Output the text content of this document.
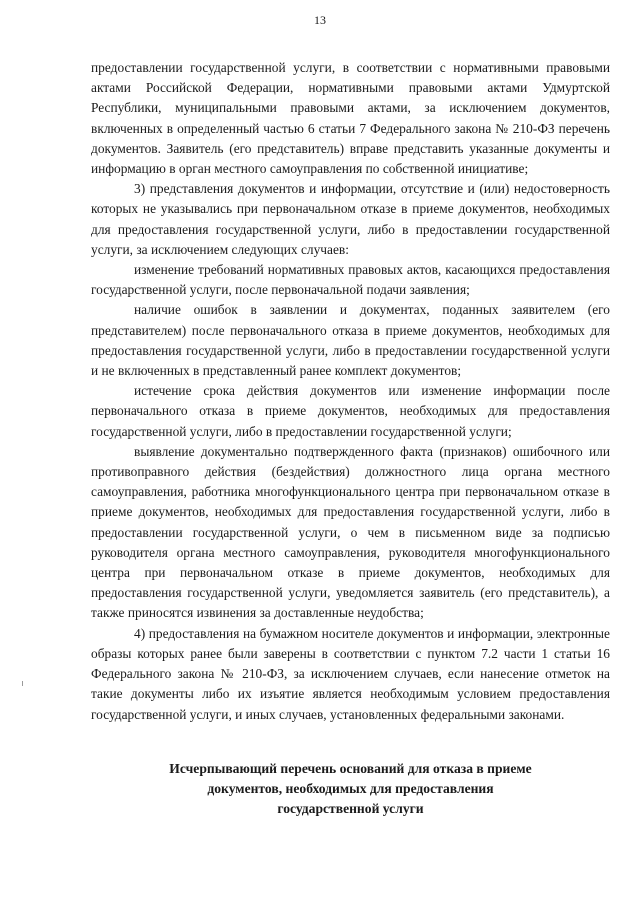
13

предоставлении государственной услуги, в соответствии с нормативными правовыми актами Российской Федерации, нормативными правовыми актами Удмуртской Республики, муниципальными правовыми актами, за исключением документов, включенных в определенный частью 6 статьи 7 Федерального закона № 210-ФЗ перечень документов. Заявитель (его представитель) вправе представить указанные документы и информацию в орган местного самоуправления по собственной инициативе;

3) представления документов и информации, отсутствие и (или) недостоверность которых не указывались при первоначальном отказе в приеме документов, необходимых для предоставления государственной услуги, либо в предоставлении государственной услуги, за исключением следующих случаев:

изменение требований нормативных правовых актов, касающихся предоставления государственной услуги, после первоначальной подачи заявления;

наличие ошибок в заявлении и документах, поданных заявителем (его представителем) после первоначального отказа в приеме документов, необходимых для предоставления государственной услуги, либо в предоставлении государственной услуги и не включенных в представленный ранее комплект документов;

истечение срока действия документов или изменение информации после первоначального отказа в приеме документов, необходимых для предоставления государственной услуги, либо в предоставлении государственной услуги;

выявление документально подтвержденного факта (признаков) ошибочного или противоправного действия (бездействия) должностного лица органа местного самоуправления, работника многофункционального центра при первоначальном отказе в приеме документов, необходимых для предоставления государственной услуги, либо в предоставлении государственной услуги, о чем в письменном виде за подписью руководителя органа местного самоуправления, руководителя многофункционального центра при первоначальном отказе в приеме документов, необходимых для предоставления государственной услуги, уведомляется заявитель (его представитель), а также приносятся извинения за доставленные неудобства;

4) предоставления на бумажном носителе документов и информации, электронные образы которых ранее были заверены в соответствии с пунктом 7.2 части 1 статьи 16 Федерального закона № 210-ФЗ, за исключением случаев, если нанесение отметок на такие документы либо их изъятие является необходимым условием предоставления государственной услуги, и иных случаев, установленных федеральными законами.

Исчерпывающий перечень оснований для отказа в приеме
документов, необходимых для предоставления
государственной услуги
